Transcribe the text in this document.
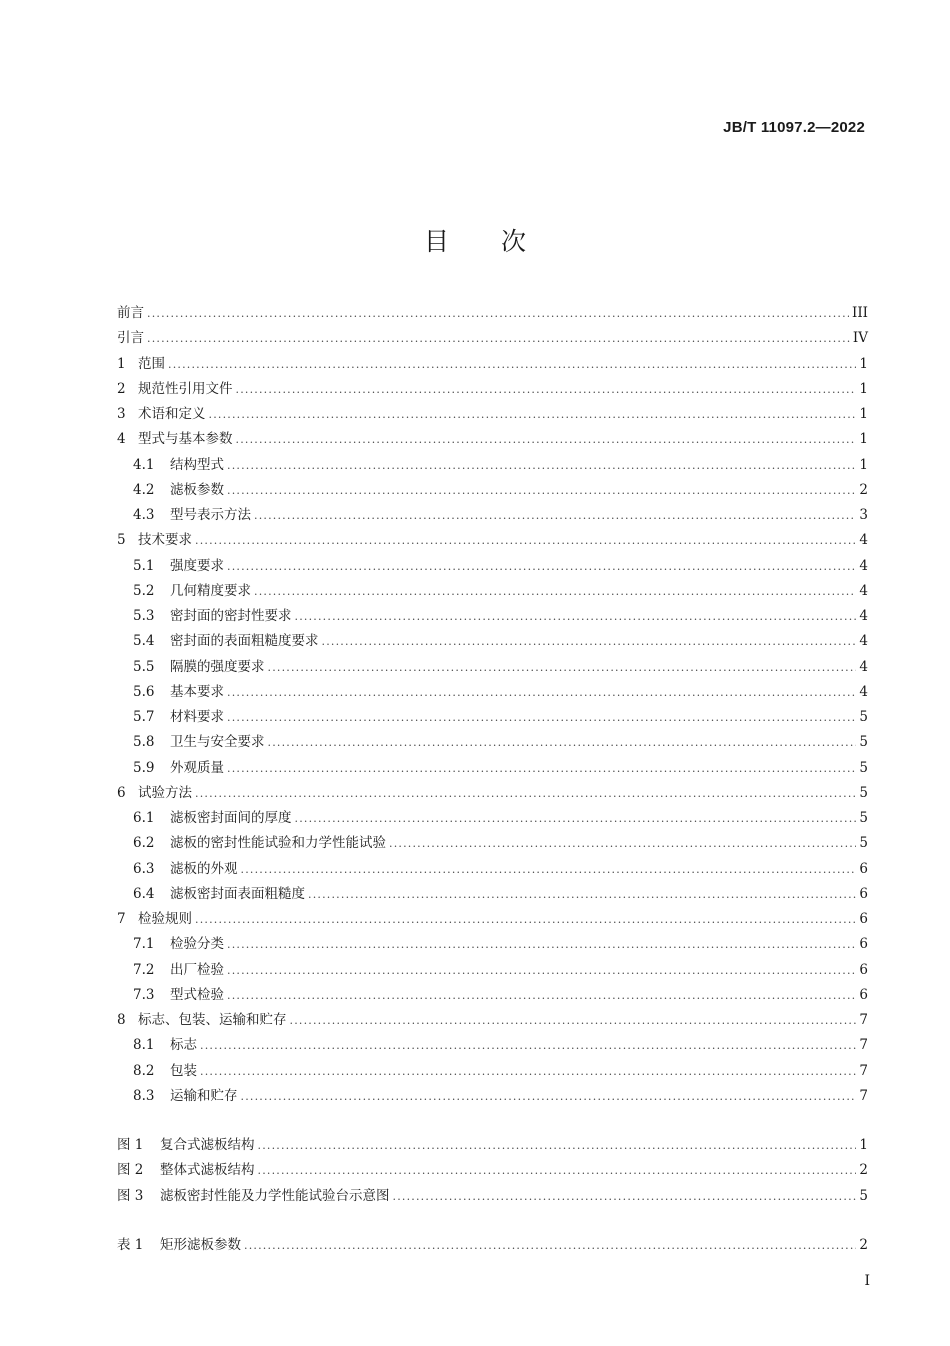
JB/T 11097.2—2022
目 次
前言 .....	III
引言 .....	IV
1 范围 .....	1
2 规范性引用文件 .....	1
3 术语和定义 .....	1
4 型式与基本参数 .....	1
4.1	结构型式 .....	1
4.2	滤板参数 .....	2
4.3	型号表示方法 .....	3
5 技术要求 .....	4
5.1	强度要求 .....	4
5.2	几何精度要求 .....	4
5.3	密封面的密封性要求 .....	4
5.4	密封面的表面粗糙度要求 .....	4
5.5	隔膜的强度要求 .....	4
5.6	基本要求 .....	4
5.7	材料要求 .....	5
5.8	卫生与安全要求 .....	5
5.9	外观质量 .....	5
6 试验方法 .....	5
6.1	滤板密封面间的厚度 .....	5
6.2	滤板的密封性能试验和力学性能试验 .....	5
6.3	滤板的外观 .....	6
6.4	滤板密封面表面粗糙度 .....	6
7 检验规则 .....	6
7.1	检验分类 .....	6
7.2	出厂检验 .....	6
7.3	型式检验 .....	6
8 标志、包装、运输和贮存 .....	7
8.1	标志 .....	7
8.2	包装 .....	7
8.3	运输和贮存 .....	7
图 1	复合式滤板结构 .....	1
图 2	整体式滤板结构 .....	2
图 3	滤板密封性能及力学性能试验台示意图 .....	5
表 1	矩形滤板参数 .....	2
I
